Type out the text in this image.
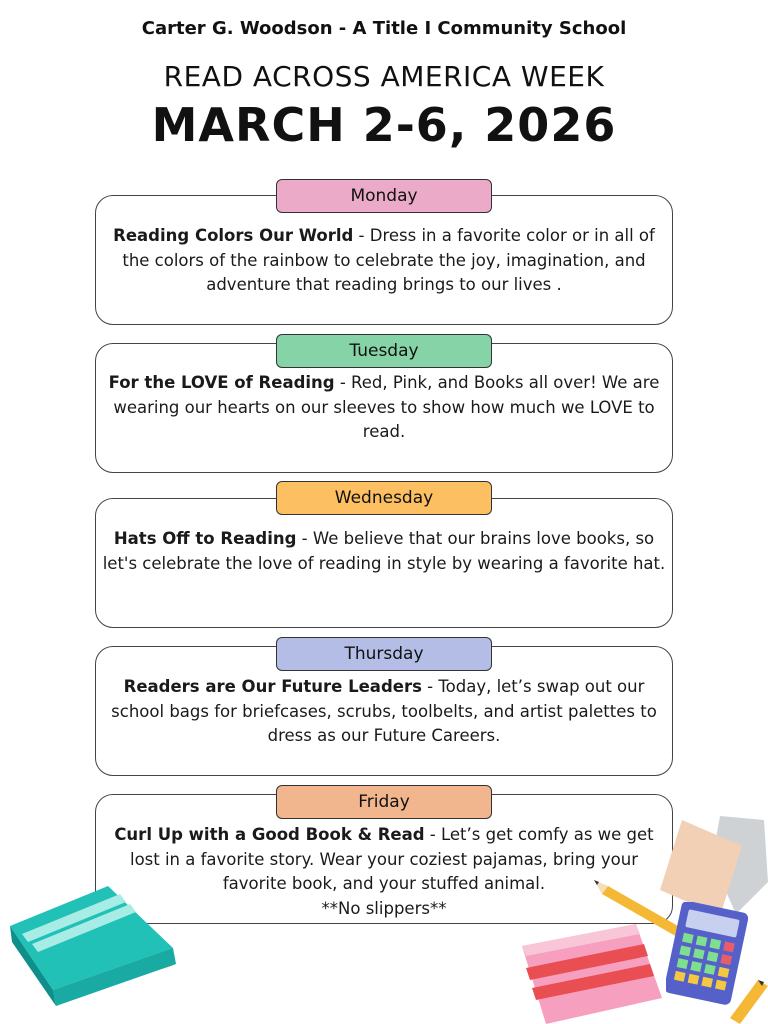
Carter G. Woodson - A Title I Community School
READ ACROSS AMERICA WEEK
MARCH 2-6, 2026
Reading Colors Our World - Dress in a favorite color or in all of the colors of the rainbow to celebrate the joy, imagination, and adventure that reading brings to our lives .
Monday
For the LOVE of Reading - Red, Pink, and Books all over! We are wearing our hearts on our sleeves to show how much we LOVE to read.
Tuesday
Hats Off to Reading - We believe that our brains love books, so let's celebrate the love of reading in style by wearing a favorite hat.
Wednesday
Readers are Our Future Leaders - Today, let’s swap out our school bags for briefcases, scrubs, toolbelts, and artist palettes to dress as our Future Careers.
Thursday
Curl Up with a Good Book & Read - Let’s get comfy as we get lost in a favorite story. Wear your coziest pajamas, bring your favorite book, and your stuffed animal.
**No slippers**
Friday
